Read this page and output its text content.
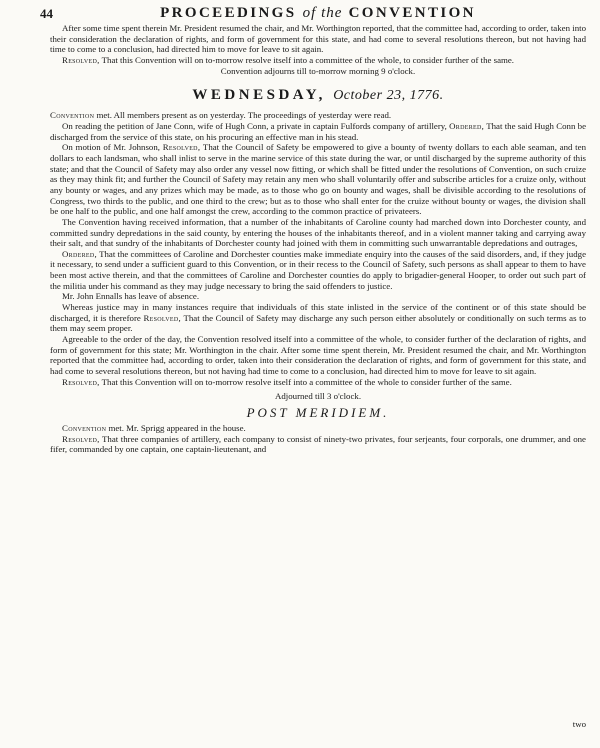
44	PROCEEDINGS of the CONVENTION

After some time spent therein Mr. President resumed the chair, and Mr. Worthington reported, that the committee had, according to order, taken into their consideration the declaration of rights, and form of government for this state, and had come to several resolutions thereon, but not having had time to come to a conclusion, had directed him to move for leave to sit again.

Resolved, That this Convention will on to-morrow resolve itself into a committee of the whole, to consider further of the same.

Convention adjourns till to-morrow morning 9 o'clock.

WEDNESDAY, October 23, 1776.

Convention met. All members present as on yesterday. The proceedings of yesterday were read.

On reading the petition of Jane Conn, wife of Hugh Conn, a private in captain Fulfords company of artillery, Ordered, That the said Hugh Conn be discharged from the service of this state, on his procuring an effective man in his stead.

On motion of Mr. Johnson, Resolved, That the Council of Safety be empowered to give a bounty of twenty dollars to each able seaman, and ten dollars to each landsman, who shall inlist to serve in the marine service of this state during the war, or until discharged by the supreme authority of this state; and that the Council of Safety may also order any vessel now fitting, or which shall be fitted under the resolutions of Convention, on such cruize as they may think fit; and further the Council of Safety may retain any men who shall voluntarily offer and subscribe articles for a cruize only, without any bounty or wages, and any prizes which may be made, as to those who go on bounty and wages, shall be divisible according to the resolutions of Congress, two thirds to the public, and one third to the crew; but as to those who shall enter for the cruize without bounty or wages, the division shall be one half to the public, and one half amongst the crew, according to the common practice of privateers.

The Convention having received information, that a number of the inhabitants of Caroline county had marched down into Dorchester county, and committed sundry depredations in the said county, by entering the houses of the inhabitants thereof, and in a violent manner taking and carrying away their salt, and that sundry of the inhabitants of Dorchester county had joined with them in committing such unwarrantable depredations and outrages,

Ordered, That the committees of Caroline and Dorchester counties make immediate enquiry into the causes of the said disorders, and, if they judge it necessary, to send under a sufficient guard to this Convention, or in their recess to the Council of Safety, such persons as shall appear to them to have been most active therein, and that the committees of Caroline and Dorchester counties do apply to brigadier-general Hooper, to order out such part of the militia under his command as they may judge necessary to bring the said offenders to justice.

Mr. John Ennalls has leave of absence.

Whereas justice may in many instances require that individuals of this state inlisted in the service of the continent or of this state should be discharged, it is therefore Resolved, That the Council of Safety may discharge any such person either absolutely or conditionally on such terms as to them may seem proper.

Agreeable to the order of the day, the Convention resolved itself into a committee of the whole, to consider further of the declaration of rights, and form of government for this state; Mr. Worthington in the chair. After some time spent therein, Mr. President resumed the chair, and Mr. Worthington reported that the committee had, according to order, taken into their consideration the declaration of rights, and form of government for this state, and had come to several resolutions thereon, but not having had time to come to a conclusion, had directed him to move for leave to sit again.

Resolved, That this Convention will on to-morrow resolve itself into a committee of the whole to consider further of the same.

Adjourned till 3 o'clock.

POST MERIDIEM.

Convention met. Mr. Sprigg appeared in the house.

Resolved, That three companies of artillery, each company to consist of ninety-two privates, four serjeants, four corporals, one drummer, and one fifer, commanded by one captain, one captain-lieutenant, and

two
